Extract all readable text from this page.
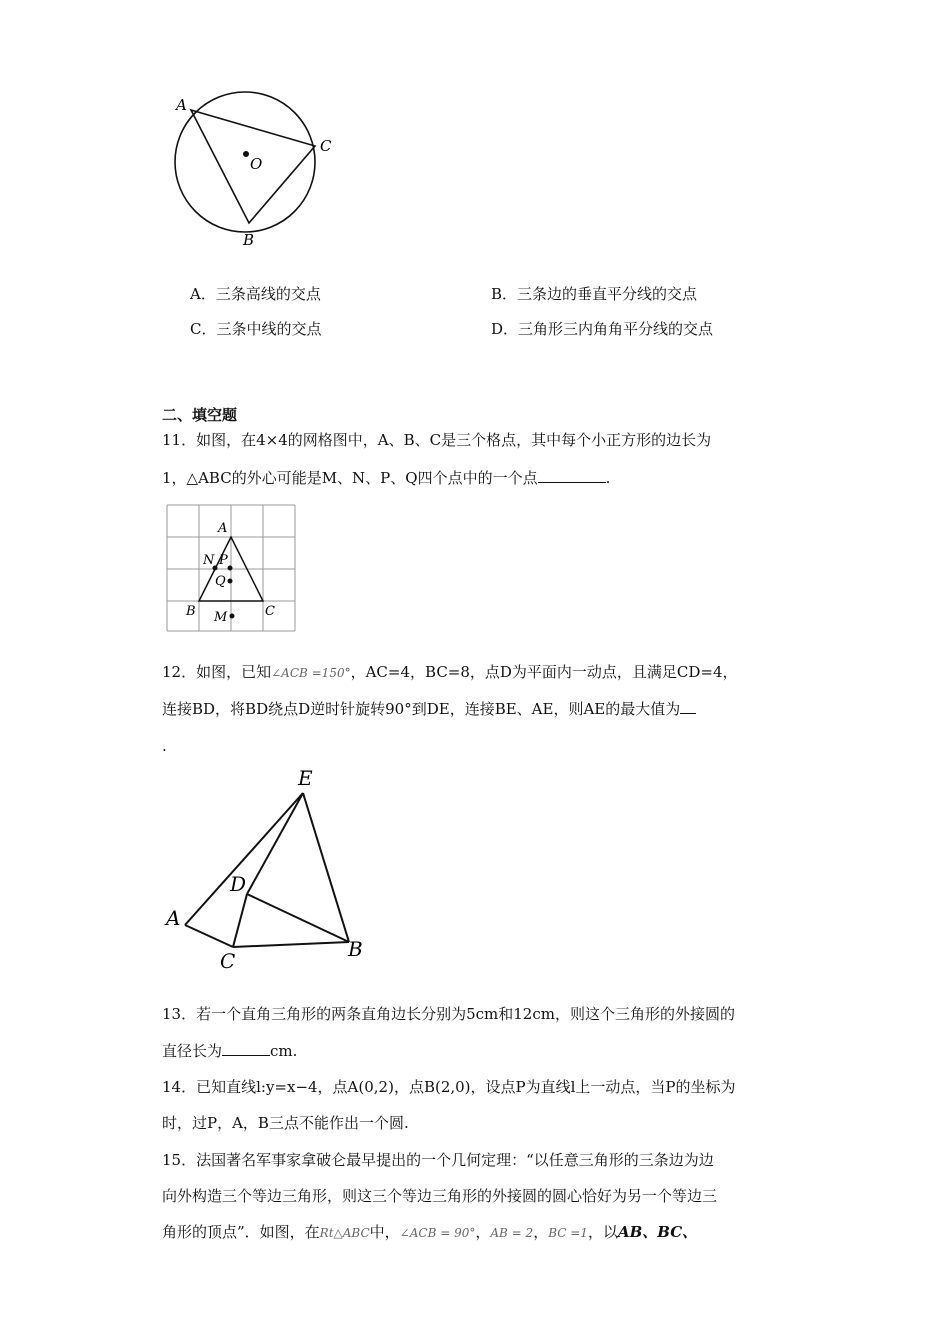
A
C
O
B
A．三条高线的交点	B．三条边的垂直平分线的交点
C．三条中线的交点	D．三角形三内角角平分线的交点
二、填空题
11．如图，在4×4的网格图中，A、B、C是三个格点，其中每个小正方形的边长为
1，△ABC的外心可能是M、N、P、Q四个点中的一个点	.
A
N P
Q
B	C
M
12．如图，已知∠ACB =150°，AC=4，BC=8，点D为平面内一动点，且满足CD=4，
连接BD，将BD绕点D逆时针旋转90°到DE，连接BE、AE，则AE的最大值为
.
E
D
A
C	B
13．若一个直角三角形的两条直角边长分别为5cm和12cm，则这个三角形的外接圆的
直径长为	cm.
14．已知直线l:y=x−4，点A(0,2)，点B(2,0)，设点P为直线l上一动点，当P的坐标为
时，过P，A，B三点不能作出一个圆.
15．法国著名军事家拿破仑最早提出的一个几何定理：“以任意三角形的三条边为边
向外构造三个等边三角形，则这三个等边三角形的外接圆的圆心恰好为另一个等边三
角形的顶点”．如图，在Rt△ABC中，∠ACB = 90°，AB = 2，BC =1，以AB、BC、
